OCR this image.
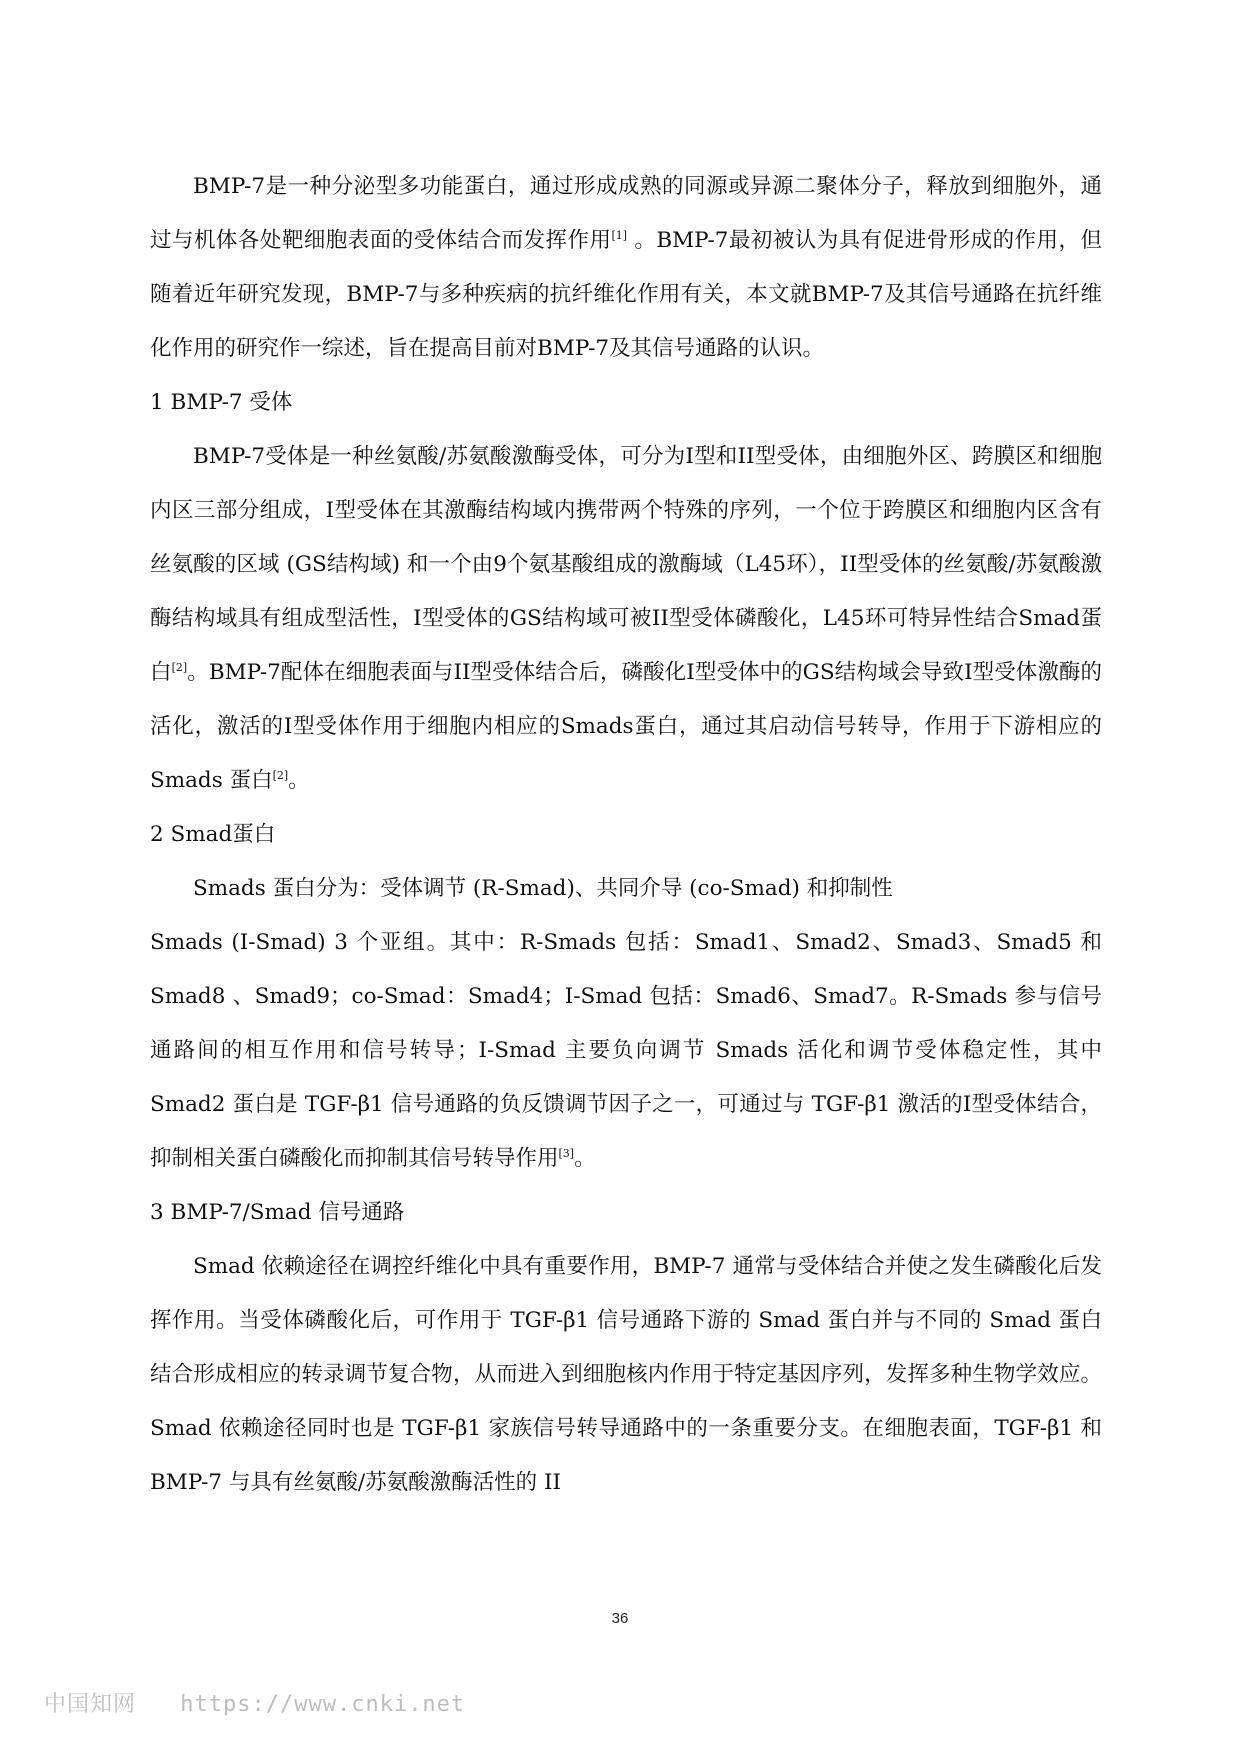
BMP-7是一种分泌型多功能蛋白，通过形成成熟的同源或异源二聚体分子，释放到细胞外，通过与机体各处靶细胞表面的受体结合而发挥作用[1] 。BMP-7最初被认为具有促进骨形成的作用，但随着近年研究发现，BMP-7与多种疾病的抗纤维化作用有关，本文就BMP-7及其信号通路在抗纤维化作用的研究作一综述，旨在提高目前对BMP-7及其信号通路的认识。

1 BMP-7 受体

BMP-7受体是一种丝氨酸/苏氨酸激酶受体，可分为I型和II型受体，由细胞外区、跨膜区和细胞内区三部分组成，I型受体在其激酶结构域内携带两个特殊的序列，一个位于跨膜区和细胞内区含有丝氨酸的区域 (GS结构域) 和一个由9个氨基酸组成的激酶域（L45环），II型受体的丝氨酸/苏氨酸激酶结构域具有组成型活性，I型受体的GS结构域可被II型受体磷酸化，L45环可特异性结合Smad蛋白[2]。BMP-7配体在细胞表面与II型受体结合后，磷酸化I型受体中的GS结构域会导致I型受体激酶的活化，激活的I型受体作用于细胞内相应的Smads蛋白，通过其启动信号转导，作用于下游相应的Smads 蛋白[2]。

2 Smad蛋白

Smads 蛋白分为：受体调节 (R-Smad)、共同介导 (co-Smad) 和抑制性

Smads (I-Smad) 3 个亚组。其中：R-Smads 包括：Smad1、Smad2、Smad3、Smad5 和 Smad8 、Smad9；co-Smad：Smad4；I-Smad 包括：Smad6、Smad7。R-Smads 参与信号通路间的相互作用和信号转导；I-Smad 主要负向调节 Smads 活化和调节受体稳定性，其中 Smad2 蛋白是 TGF-β1 信号通路的负反馈调节因子之一，可通过与 TGF-β1 激活的Ⅰ型受体结合，抑制相关蛋白磷酸化而抑制其信号转导作用[3]。

3 BMP-7/Smad 信号通路

Smad 依赖途径在调控纤维化中具有重要作用，BMP-7 通常与受体结合并使之发生磷酸化后发挥作用。当受体磷酸化后，可作用于 TGF-β1 信号通路下游的 Smad 蛋白并与不同的 Smad 蛋白结合形成相应的转录调节复合物，从而进入到细胞核内作用于特定基因序列，发挥多种生物学效应。Smad 依赖途径同时也是 TGF-β1 家族信号转导通路中的一条重要分支。在细胞表面，TGF-β1 和 BMP-7 与具有丝氨酸/苏氨酸激酶活性的 II

36
中国知网 https://www.cnki.net
